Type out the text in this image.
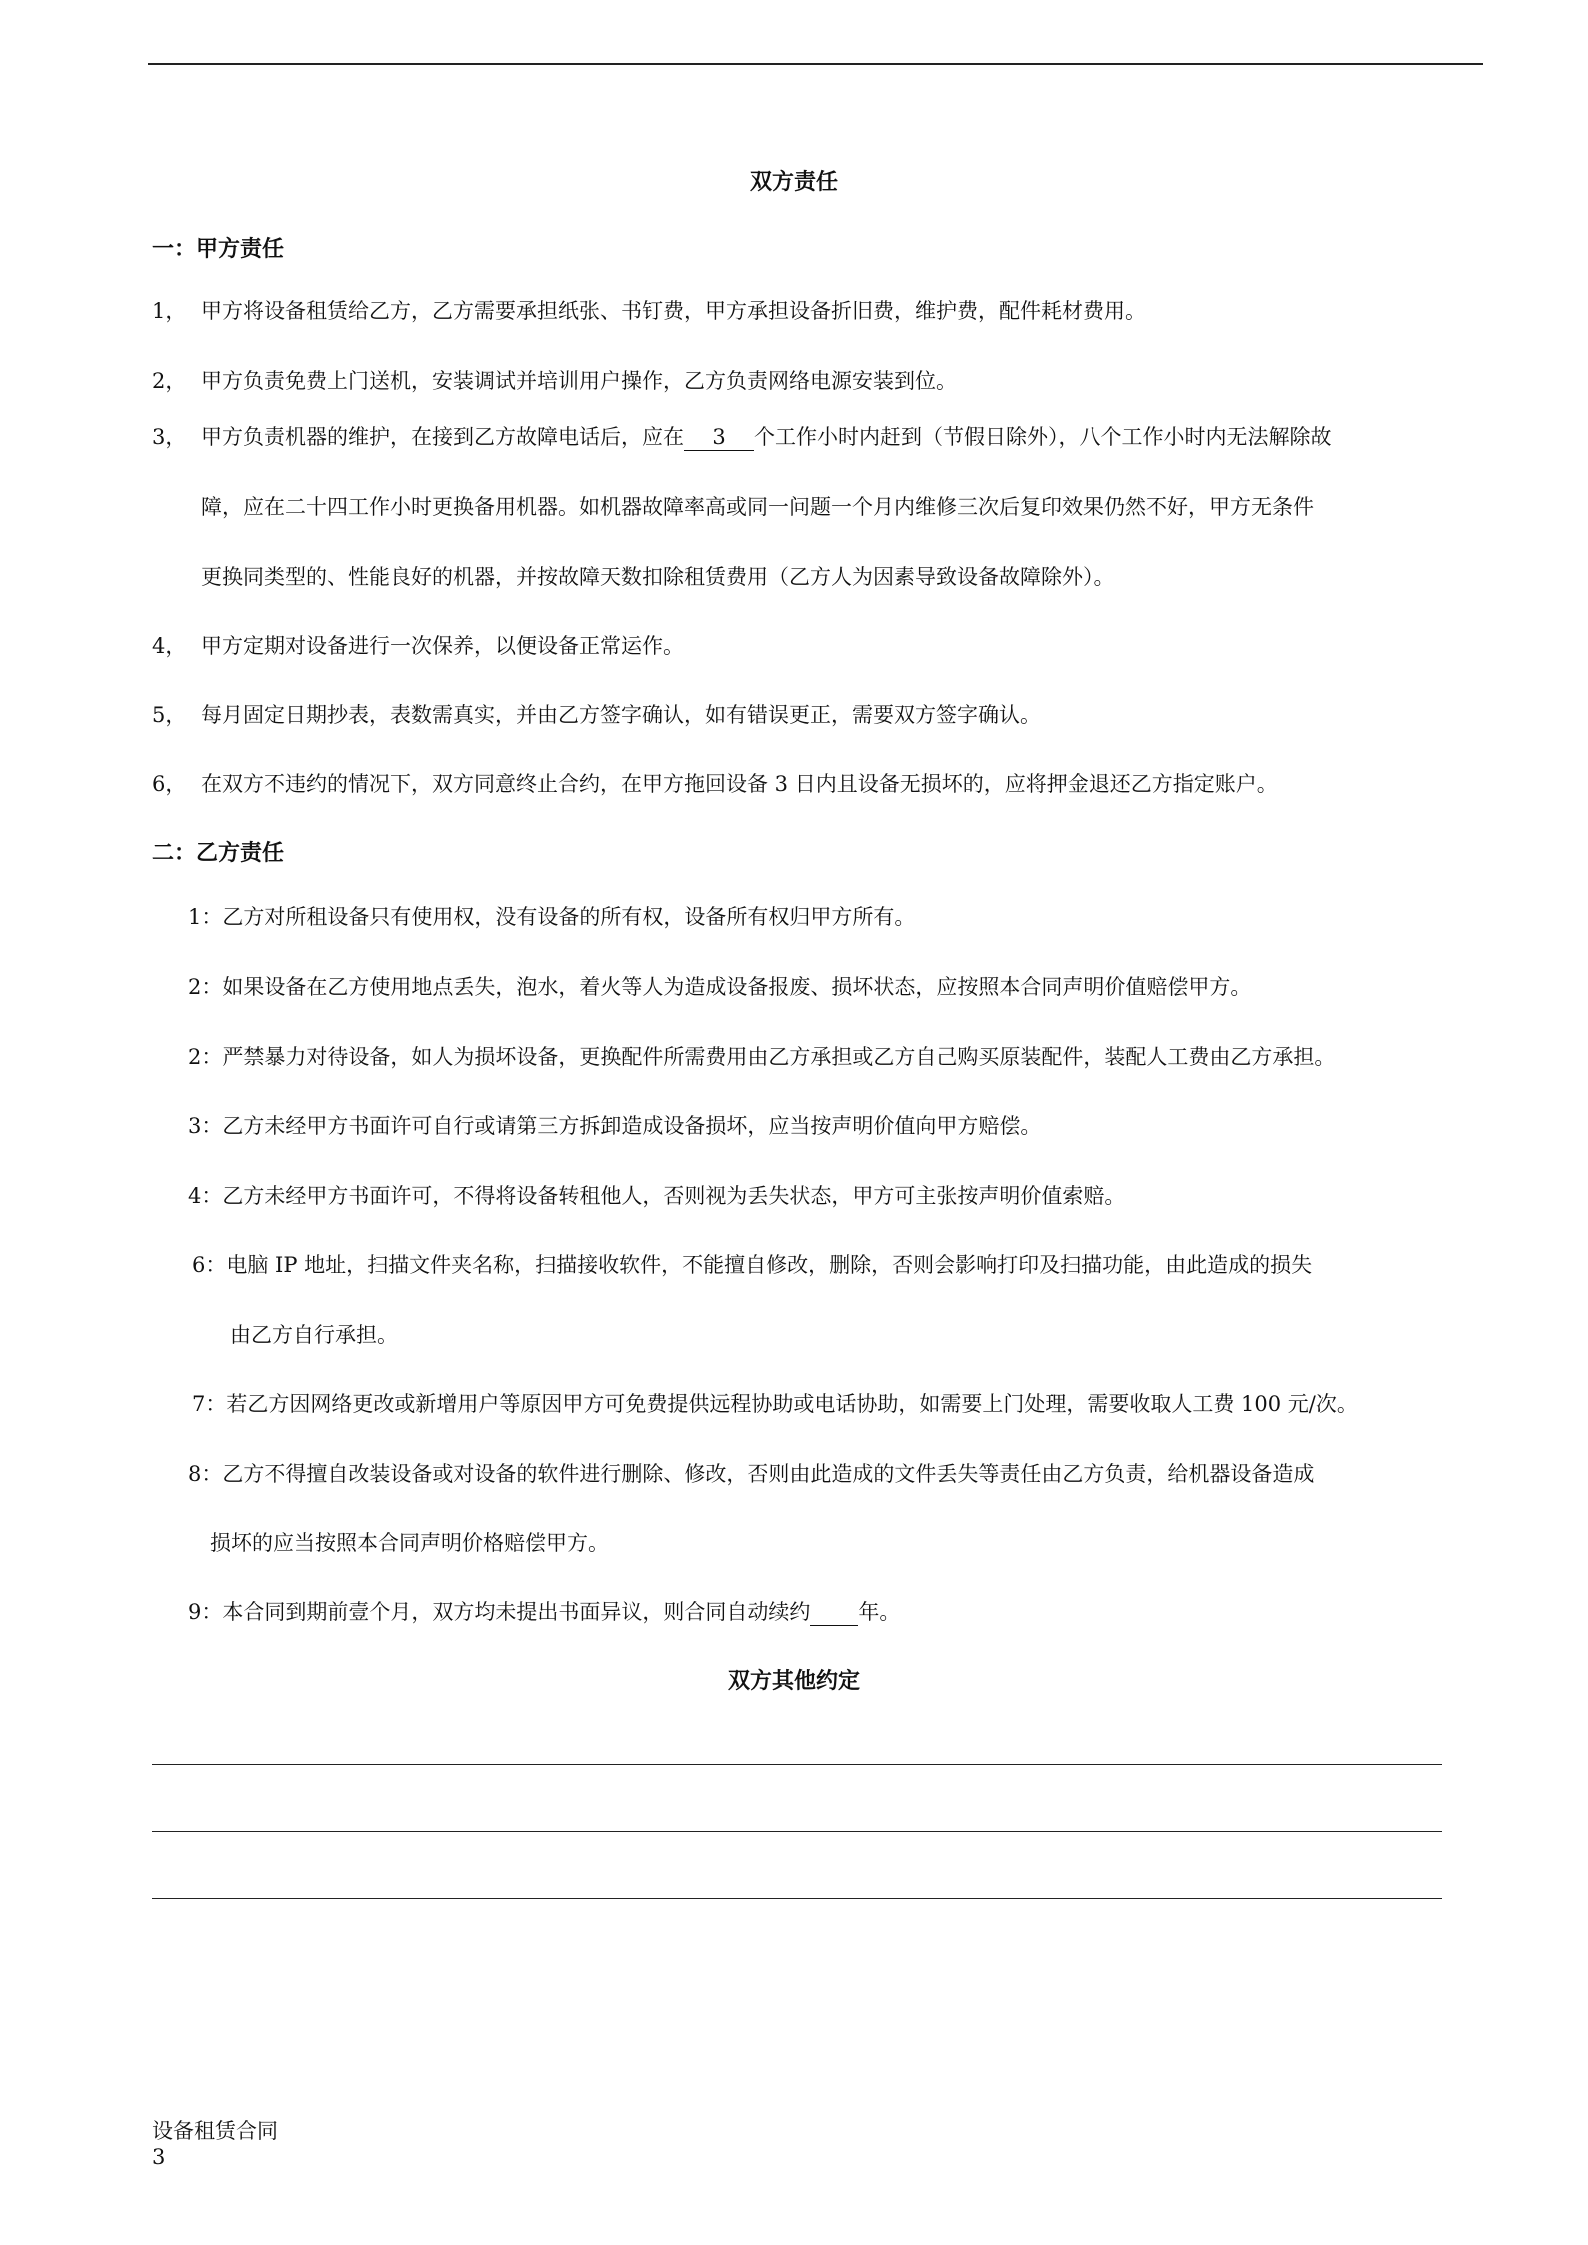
双方责任
一：甲方责任
1， 甲方将设备租赁给乙方，乙方需要承担纸张、书钉费，甲方承担设备折旧费，维护费，配件耗材费用。
2， 甲方负责免费上门送机，安装调试并培训用户操作，乙方负责网络电源安装到位。
3， 甲方负责机器的维护，在接到乙方故障电话后，应在 3 个工作小时内赶到（节假日除外），八个工作小时内无法解除故
障，应在二十四工作小时更换备用机器。如机器故障率高或同一问题一个月内维修三次后复印效果仍然不好，甲方无条件
更换同类型的、性能良好的机器，并按故障天数扣除租赁费用（乙方人为因素导致设备故障除外）。
4， 甲方定期对设备进行一次保养，以便设备正常运作。
5， 每月固定日期抄表，表数需真实，并由乙方签字确认，如有错误更正，需要双方签字确认。
6， 在双方不违约的情况下，双方同意终止合约，在甲方拖回设备 3 日内且设备无损坏的，应将押金退还乙方指定账户。
二：乙方责任
1：乙方对所租设备只有使用权，没有设备的所有权，设备所有权归甲方所有。
2：如果设备在乙方使用地点丢失，泡水，着火等人为造成设备报废、损坏状态，应按照本合同声明价值赔偿甲方。
2：严禁暴力对待设备，如人为损坏设备，更换配件所需费用由乙方承担或乙方自己购买原装配件，装配人工费由乙方承担。
3：乙方未经甲方书面许可自行或请第三方拆卸造成设备损坏，应当按声明价值向甲方赔偿。
4：乙方未经甲方书面许可，不得将设备转租他人，否则视为丢失状态，甲方可主张按声明价值索赔。
6：电脑 IP 地址，扫描文件夹名称，扫描接收软件，不能擅自修改，删除，否则会影响打印及扫描功能，由此造成的损失
由乙方自行承担。
7：若乙方因网络更改或新增用户等原因甲方可免费提供远程协助或电话协助，如需要上门处理，需要收取人工费 100 元/次。
8：乙方不得擅自改装设备或对设备的软件进行删除、修改，否则由此造成的文件丢失等责任由乙方负责，给机器设备造成
损坏的应当按照本合同声明价格赔偿甲方。
9：本合同到期前壹个月，双方均未提出书面异议，则合同自动续约 年。
双方其他约定
设备租赁合同
3
